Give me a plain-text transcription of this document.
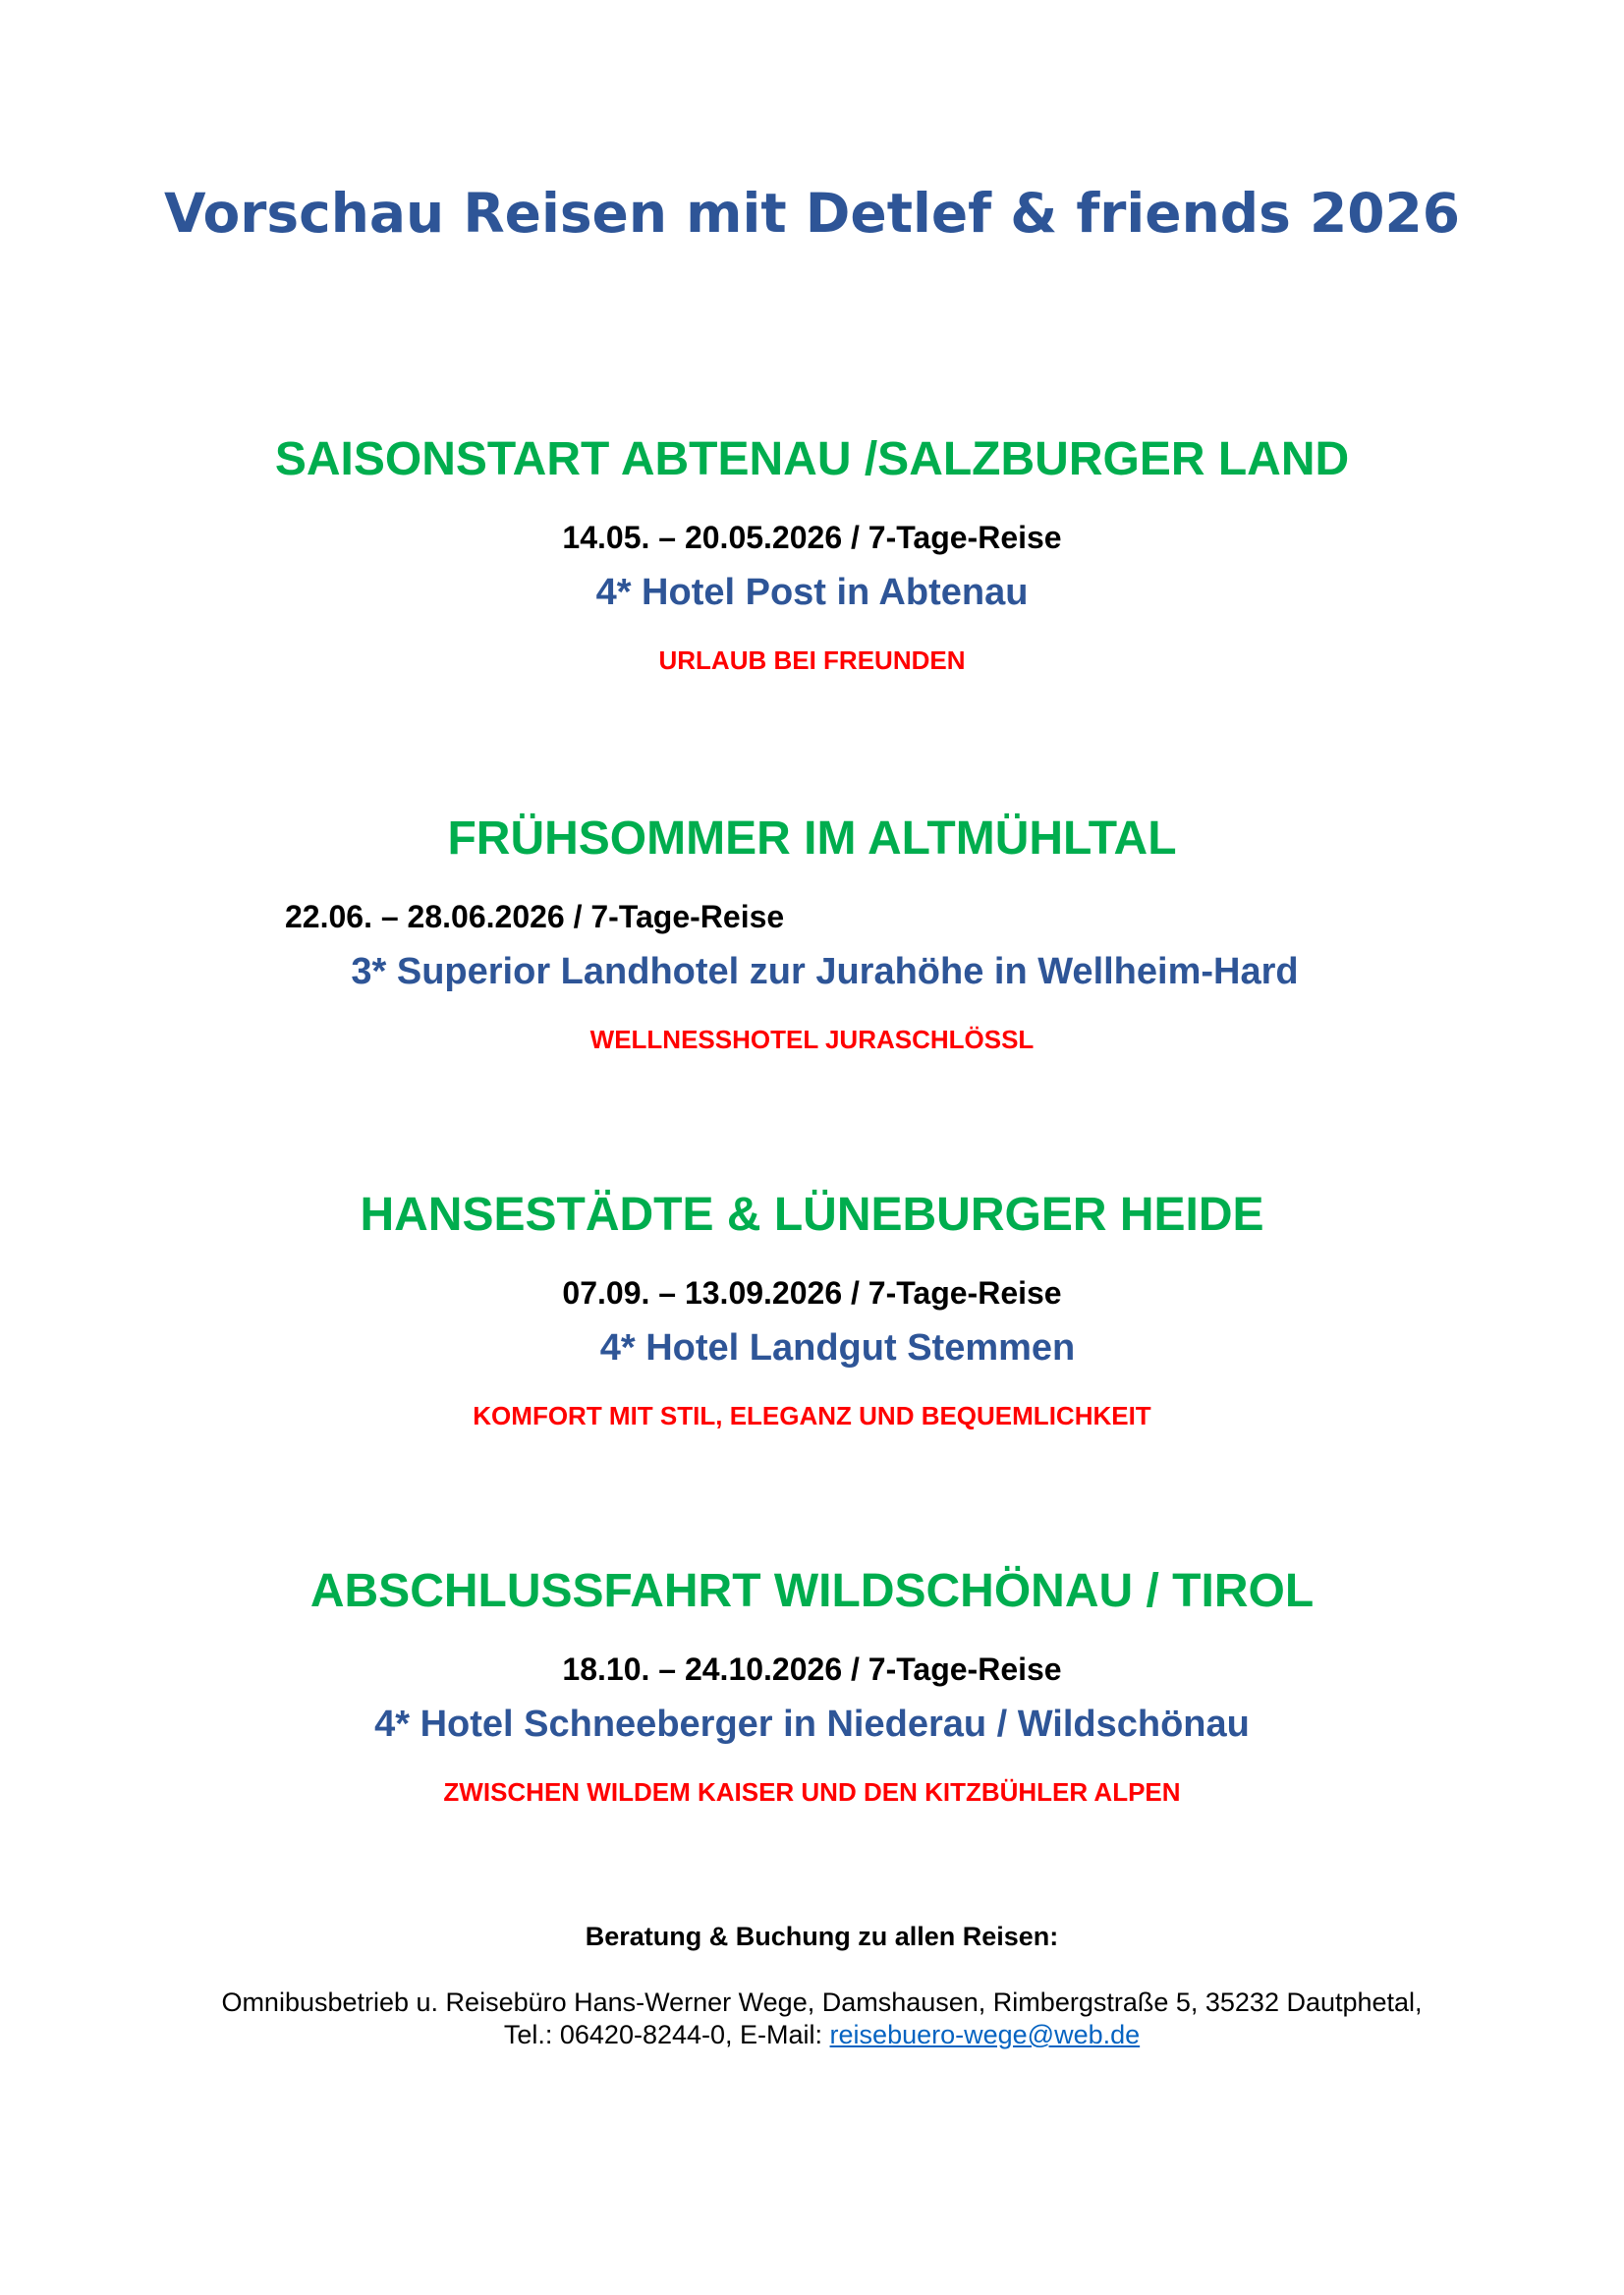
Vorschau Reisen mit Detlef & friends 2026
SAISONSTART ABTENAU /SALZBURGER LAND
14.05. – 20.05.2026 / 7-Tage-Reise
4* Hotel Post in Abtenau
URLAUB BEI FREUNDEN
FRÜHSOMMER IM ALTMÜHLTAL
22.06. – 28.06.2026 / 7-Tage-Reise
3* Superior Landhotel zur Jurahöhe in Wellheim-Hard
WELLNESSHOTEL JURASCHLÖSSL
HANSESTÄDTE & LÜNEBURGER HEIDE
07.09. – 13.09.2026 / 7-Tage-Reise
4* Hotel Landgut Stemmen
KOMFORT MIT STIL, ELEGANZ UND BEQUEMLICHKEIT
ABSCHLUSSFAHRT WILDSCHÖNAU / TIROL
18.10. – 24.10.2026 / 7-Tage-Reise
4* Hotel Schneeberger in Niederau / Wildschönau
ZWISCHEN WILDEM KAISER UND DEN KITZBÜHLER ALPEN
Beratung & Buchung zu allen Reisen:
Omnibusbetrieb u. Reisebüro Hans-Werner Wege, Damshausen, Rimbergstraße 5, 35232 Dautphetal,
Tel.: 06420-8244-0, E-Mail: reisebuero-wege@web.de
